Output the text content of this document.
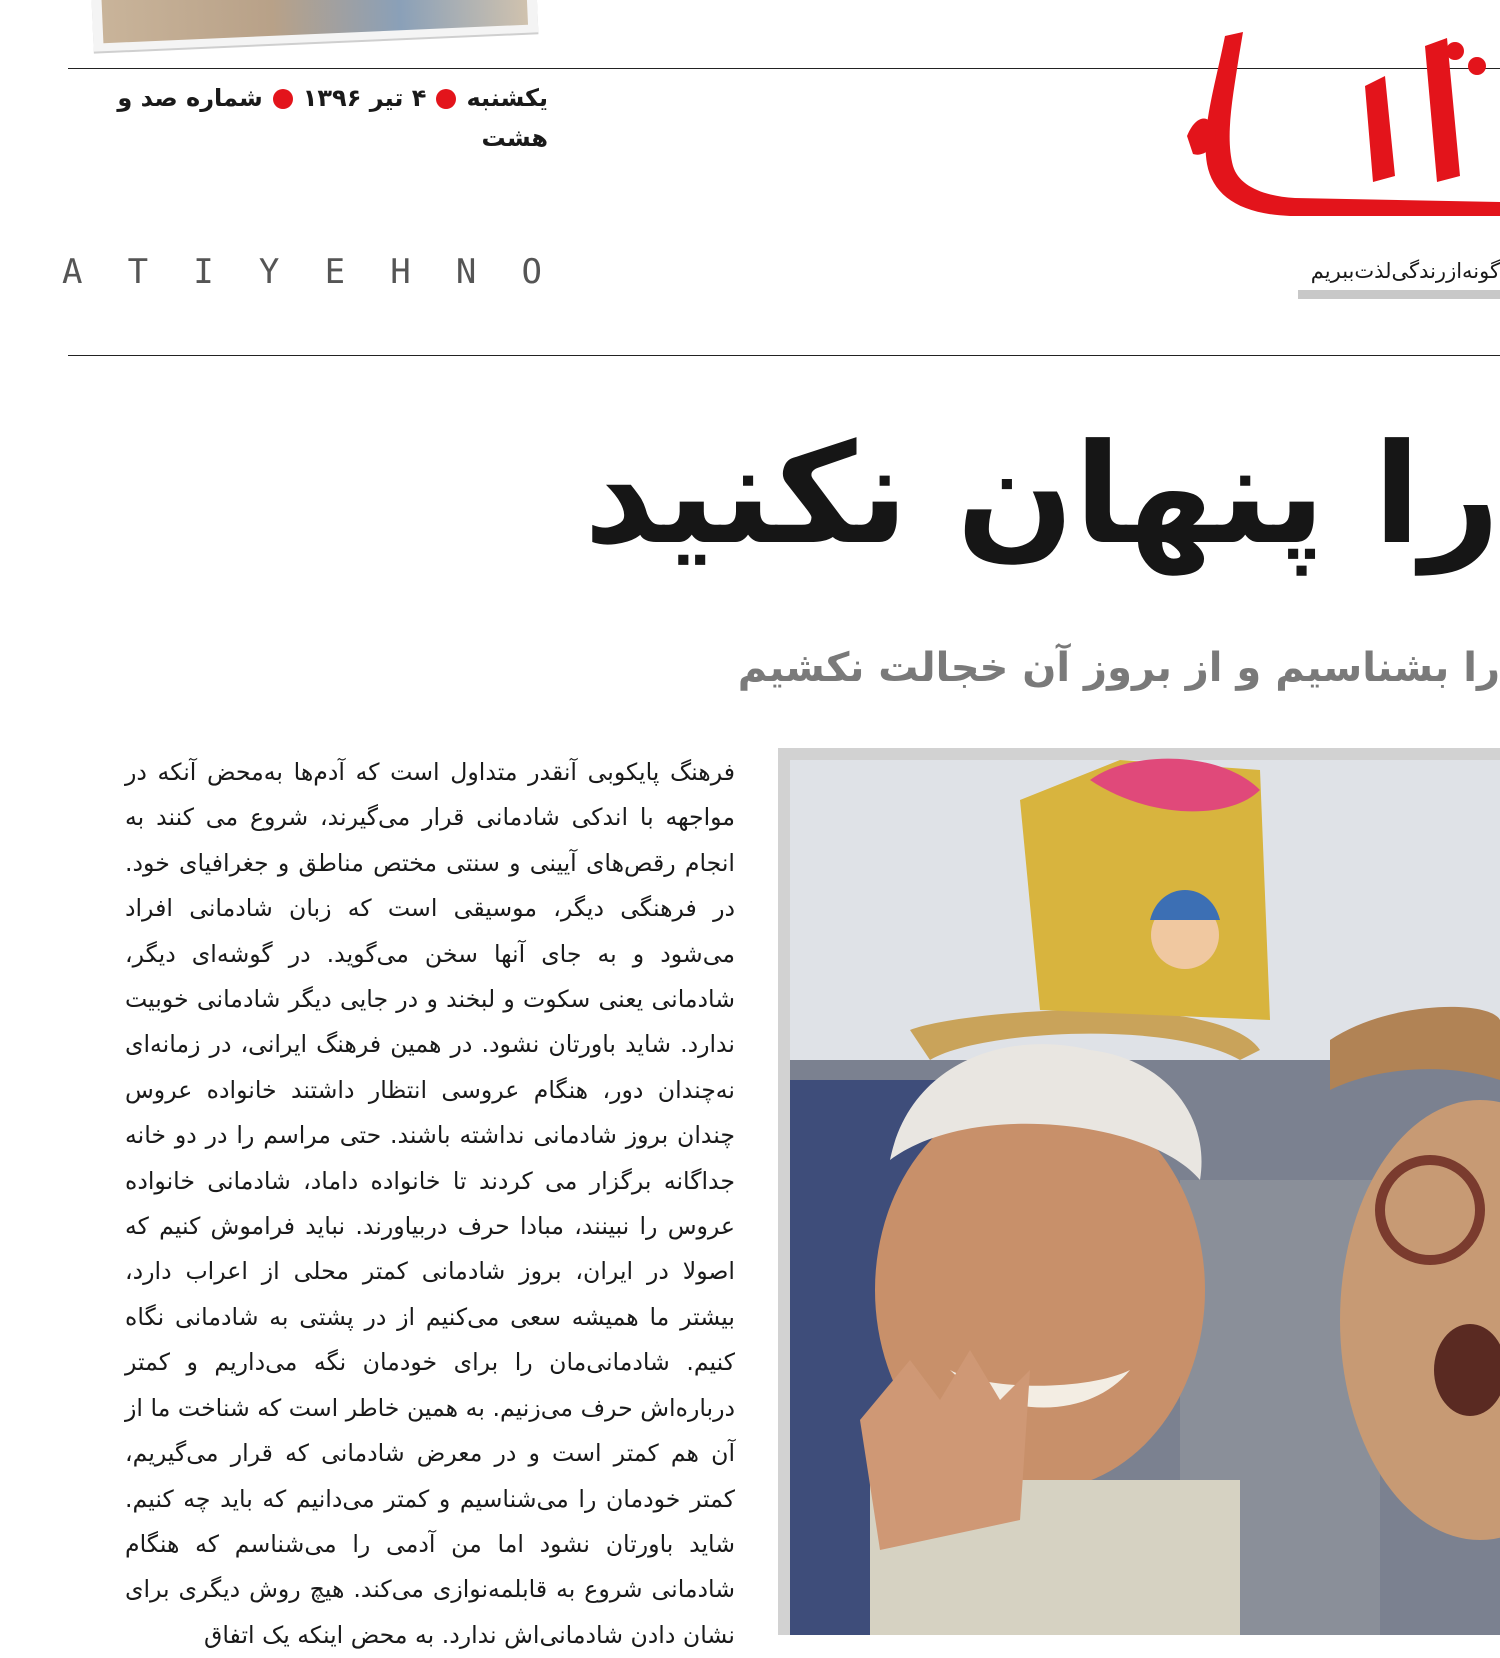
یکشنبه۴ تیر ۱۳۹۶شماره صد و هشت
A T I Y E H N O	گونه‌ازرندگی‌لذت‌ببریم
را پنهان نکنید
را بشناسیم و از بروز آن خجالت نکشیم
فرهنگ پایکوبی آنقدر متداول است که آدم‌ها به‌محض آنکه در مواجهه با اندکی شادمانی قرار می‌گیرند، شروع می کنند به انجام رقص‌های آیینی و سنتی مختص مناطق و جغرافیای خود. در فرهنگی دیگر، موسیقی است که زبان شادمانی افراد می‌شود و به جای آنها سخن می‌گوید. در گوشه‌ای دیگر، شادمانی یعنی سکوت و لبخند و در جایی دیگر شادمانی خوبیت ندارد. شاید باورتان نشود. در همین فرهنگ ایرانی، در زمانه‌ای نه‌چندان دور، هنگام عروسی انتظار داشتند خانواده عروس چندان بروز شادمانی نداشته باشند. حتی مراسم را در دو خانه جداگانه برگزار می کردند تا خانواده داماد، شادمانی خانواده عروس را نبینند، مبادا حرف دربیاورند. نباید فراموش کنیم که اصولا در ایران، بروز شادمانی کمتر محلی از اعراب دارد، بیشتر ما همیشه سعی می‌کنیم از در پشتی به شادمانی نگاه کنیم. شادمانی‌مان را برای خودمان نگه می‌داریم و کمتر درباره‌اش حرف می‌زنیم. به همین خاطر است که شناخت ما از آن هم کمتر است و در معرض شادمانی که قرار می‌گیریم، کمتر خودمان را می‌شناسیم و کمتر می‌دانیم که باید چه کنیم. شاید باورتان نشود اما من آدمی را می‌شناسم که هنگام شادمانی شروع به قابلمه‌نوازی می‌کند. هیچ روش دیگری برای نشان دادن شادمانی‌اش ندارد. به محض اینکه یک اتفاق
